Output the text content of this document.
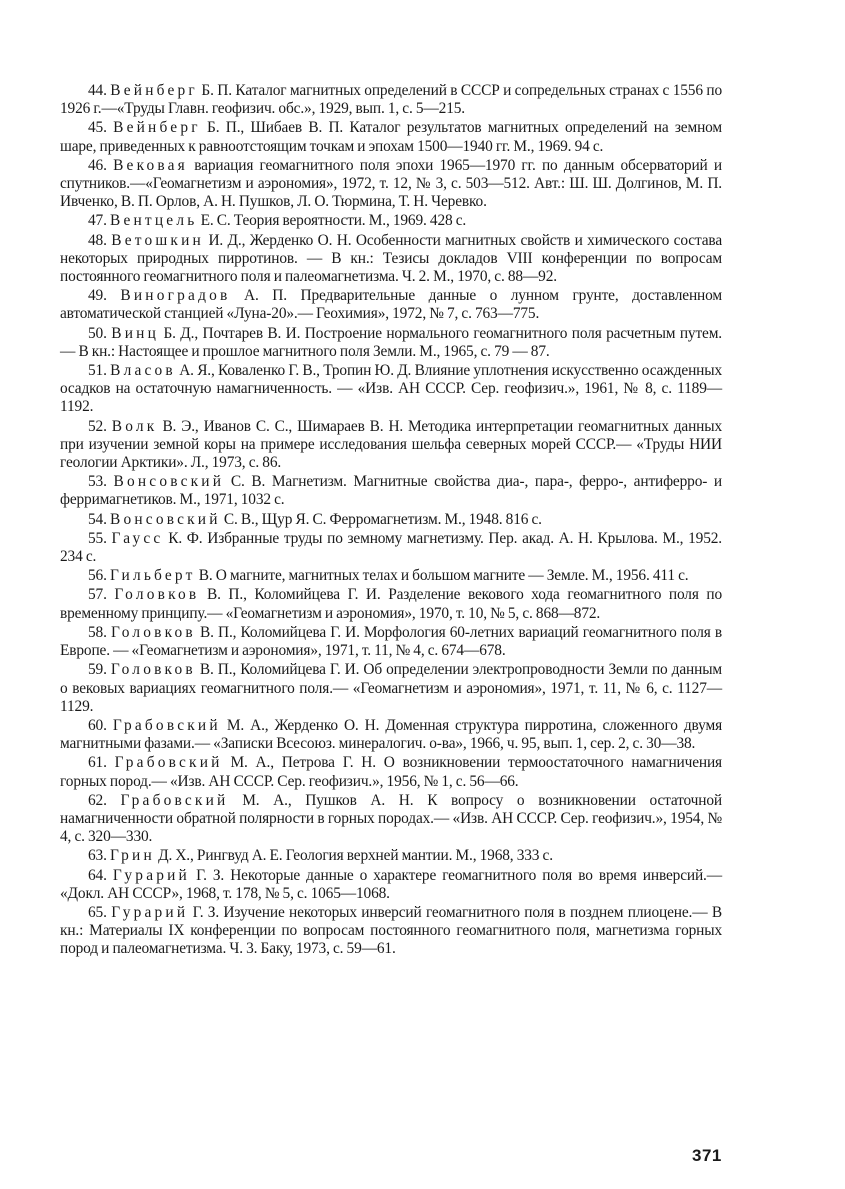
44. Вейнберг Б. П. Каталог магнитных определений в СССР и сопредельных странах с 1556 по 1926 г.—«Труды Главн. геофизич. обс.», 1929, вып. 1, с. 5—215.

45. Вейнберг Б. П., Шибаев В. П. Каталог результатов магнитных определений на земном шаре, приведенных к равноотстоящим точкам и эпохам 1500—1940 гг. М., 1969. 94 с.

46. Вековая вариация геомагнитного поля эпохи 1965—1970 гг. по данным обсерваторий и спутников.—«Геомагнетизм и аэрономия», 1972, т. 12, № 3, с. 503—512. Авт.: Ш. Ш. Долгинов, М. П. Ивченко, В. П. Орлов, А. Н. Пушков, Л. О. Тюрмина, Т. Н. Черевко.

47. Вентцель Е. С. Теория вероятности. М., 1969. 428 с.

48. Ветошкин И. Д., Жерденко О. Н. Особенности магнитных свойств и химического состава некоторых природных пирротинов. — В кн.: Тезисы докладов VIII конференции по вопросам постоянного геомагнитного поля и палеомагнетизма. Ч. 2. М., 1970, с. 88—92.

49. Виноградов А. П. Предварительные данные о лунном грунте, доставленном автоматической станцией «Луна-20».— Геохимия», 1972, № 7, с. 763—775.

50. Винц Б. Д., Почтарев В. И. Построение нормального геомагнитного поля расчетным путем. — В кн.: Настоящее и прошлое магнитного поля Земли. М., 1965, с. 79 — 87.

51. Власов А. Я., Коваленко Г. В., Тропин Ю. Д. Влияние уплотнения искусственно осажденных осадков на остаточную намагниченность. — «Изв. АН СССР. Сер. геофизич.», 1961, № 8, с. 1189—1192.

52. Волк В. Э., Иванов С. С., Шимараев В. Н. Методика интерпретации геомагнитных данных при изучении земной коры на примере исследования шельфа северных морей СССР.— «Труды НИИ геологии Арктики». Л., 1973, с. 86.

53. Вонсовский С. В. Магнетизм. Магнитные свойства диа-, пара-, ферро-, антиферро- и ферримагнетиков. М., 1971, 1032 с.

54. Вонсовский С. В., Щур Я. С. Ферромагнетизм. М., 1948. 816 с.

55. Гаусс К. Ф. Избранные труды по земному магнетизму. Пер. акад. А. Н. Крылова. М., 1952. 234 с.

56. Гильберт В. О магните, магнитных телах и большом магните — Земле. М., 1956. 411 с.

57. Головков В. П., Коломийцева Г. И. Разделение векового хода геомагнитного поля по временному принципу.— «Геомагнетизм и аэрономия», 1970, т. 10, № 5, с. 868—872.

58. Головков В. П., Коломийцева Г. И. Морфология 60-летних вариаций геомагнитного поля в Европе. — «Геомагнетизм и аэрономия», 1971, т. 11, № 4, с. 674—678.

59. Головков В. П., Коломийцева Г. И. Об определении электропроводности Земли по данным о вековых вариациях геомагнитного поля.— «Геомагнетизм и аэрономия», 1971, т. 11, № 6, с. 1127—1129.

60. Грабовский М. А., Жерденко О. Н. Доменная структура пирротина, сложенного двумя магнитными фазами.— «Записки Всесоюз. минералогич. о-ва», 1966, ч. 95, вып. 1, сер. 2, с. 30—38.

61. Грабовский М. А., Петрова Г. Н. О возникновении термоостаточного намагничения горных пород.— «Изв. АН СССР. Сер. геофизич.», 1956, № 1, с. 56—66.

62. Грабовский М. А., Пушков А. Н. К вопросу о возникновении остаточной намагниченности обратной полярности в горных породах.— «Изв. АН СССР. Сер. геофизич.», 1954, № 4, с. 320—330.

63. Грин Д. Х., Рингвуд А. Е. Геология верхней мантии. М., 1968, 333 с.

64. Гурарий Г. З. Некоторые данные о характере геомагнитного поля во время инверсий.— «Докл. АН СССР», 1968, т. 178, № 5, с. 1065—1068.

65. Гурарий Г. З. Изучение некоторых инверсий геомагнитного поля в позднем плиоцене.— В кн.: Материалы IX конференции по вопросам постоянного геомагнитного поля, магнетизма горных пород и палеомагнетизма. Ч. 3. Баку, 1973, с. 59—61.

371
